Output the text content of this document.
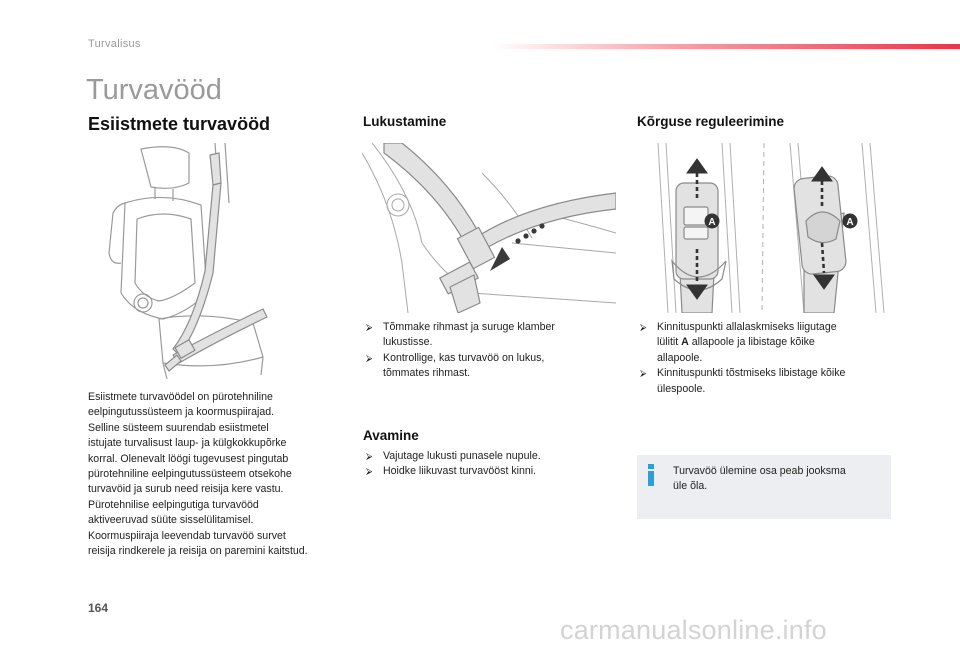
Turvalisus
Turvavööd
Esiistmete turvavööd
Esiistmete turvavöödel on pürotehniline
eelpingutussüsteem ja koormuspiirajad.
Selline süsteem suurendab esiistmetel
istujate turvalisust laup- ja külgkokkupõrke
korral. Olenevalt löögi tugevusest pingutab
pürotehniline eelpingutussüsteem otsekohe
turvavöid ja surub need reisija kere vastu.
Pürotehnilise eelpingutiga turvavööd
aktiveeruvad süüte sisselülitamisel.
Koormuspiiraja leevendab turvavöö survet
reisija rindkerele ja reisija on paremini kaitstud.
Lukustamine
⮚ Tõmmake rihmast ja suruge klamber
lukustisse.
⮚ Kontrollige, kas turvavöö on lukus,
tõmmates rihmast.
Avamine
⮚ Vajutage lukusti punasele nupule.
⮚ Hoidke liikuvast turvavööst kinni.
Kõrguse reguleerimine
A	A
⮚ Kinnituspunkti allalaskmiseks liigutage
lülitit A allapoole ja libistage kõike
allapoole.
⮚ Kinnituspunkti tõstmiseks libistage kõike
ülespoole.
Turvavöö ülemine osa peab jooksma
üle õla.
164
carmanualsonline.info
